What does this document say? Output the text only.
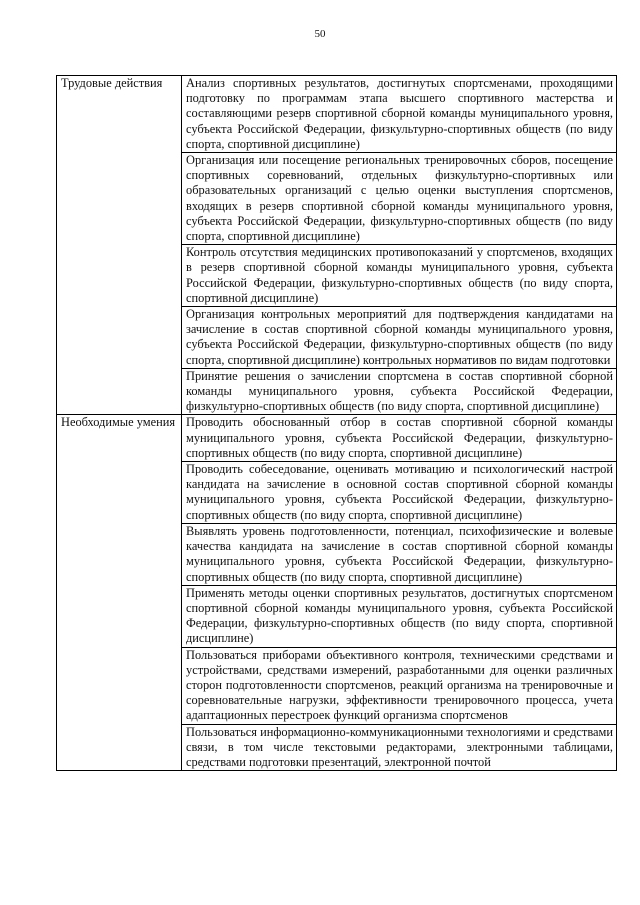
50
Трудовые действия	Анализ спортивных результатов, достигнутых спортсменами, проходящими подготовку по программам этапа высшего спортивного мастерства и составляющими резерв спортивной сборной команды муниципального уровня, субъекта Российской Федерации, физкультурно-спортивных обществ (по виду спорта, спортивной дисциплине)
	Организация или посещение региональных тренировочных сборов, посещение спортивных соревнований, отдельных физкультурно-спортивных или образовательных организаций с целью оценки выступления спортсменов, входящих в резерв спортивной сборной команды муниципального уровня, субъекта Российской Федерации, физкультурно-спортивных обществ (по виду спорта, спортивной дисциплине)
	Контроль отсутствия медицинских противопоказаний у спортсменов, входящих в резерв спортивной сборной команды муниципального уровня, субъекта Российской Федерации, физкультурно-спортивных обществ (по виду спорта, спортивной дисциплине)
	Организация контрольных мероприятий для подтверждения кандидатами на зачисление в состав спортивной сборной команды муниципального уровня, субъекта Российской Федерации, физкультурно-спортивных обществ (по виду спорта, спортивной дисциплине) контрольных нормативов по видам подготовки
	Принятие решения о зачислении спортсмена в состав спортивной сборной команды муниципального уровня, субъекта Российской Федерации, физкультурно-спортивных обществ (по виду спорта, спортивной дисциплине)
Необходимые умения	Проводить обоснованный отбор в состав спортивной сборной команды муниципального уровня, субъекта Российской Федерации, физкультурно-спортивных обществ (по виду спорта, спортивной дисциплине)
	Проводить собеседование, оценивать мотивацию и психологический настрой кандидата на зачисление в основной состав спортивной сборной команды муниципального уровня, субъекта Российской Федерации, физкультурно-спортивных обществ (по виду спорта, спортивной дисциплине)
	Выявлять уровень подготовленности, потенциал, психофизические и волевые качества кандидата на зачисление в состав спортивной сборной команды муниципального уровня, субъекта Российской Федерации, физкультурно-спортивных обществ (по виду спорта, спортивной дисциплине)
	Применять методы оценки спортивных результатов, достигнутых спортсменом спортивной сборной команды муниципального уровня, субъекта Российской Федерации, физкультурно-спортивных обществ (по виду спорта, спортивной дисциплине)
	Пользоваться приборами объективного контроля, техническими средствами и устройствами, средствами измерений, разработанными для оценки различных сторон подготовленности спортсменов, реакций организма на тренировочные и соревновательные нагрузки, эффективности тренировочного процесса, учета адаптационных перестроек функций организма спортсменов
	Пользоваться информационно-коммуникационными технологиями и средствами связи, в том числе текстовыми редакторами, электронными таблицами, средствами подготовки презентаций, электронной почтой
